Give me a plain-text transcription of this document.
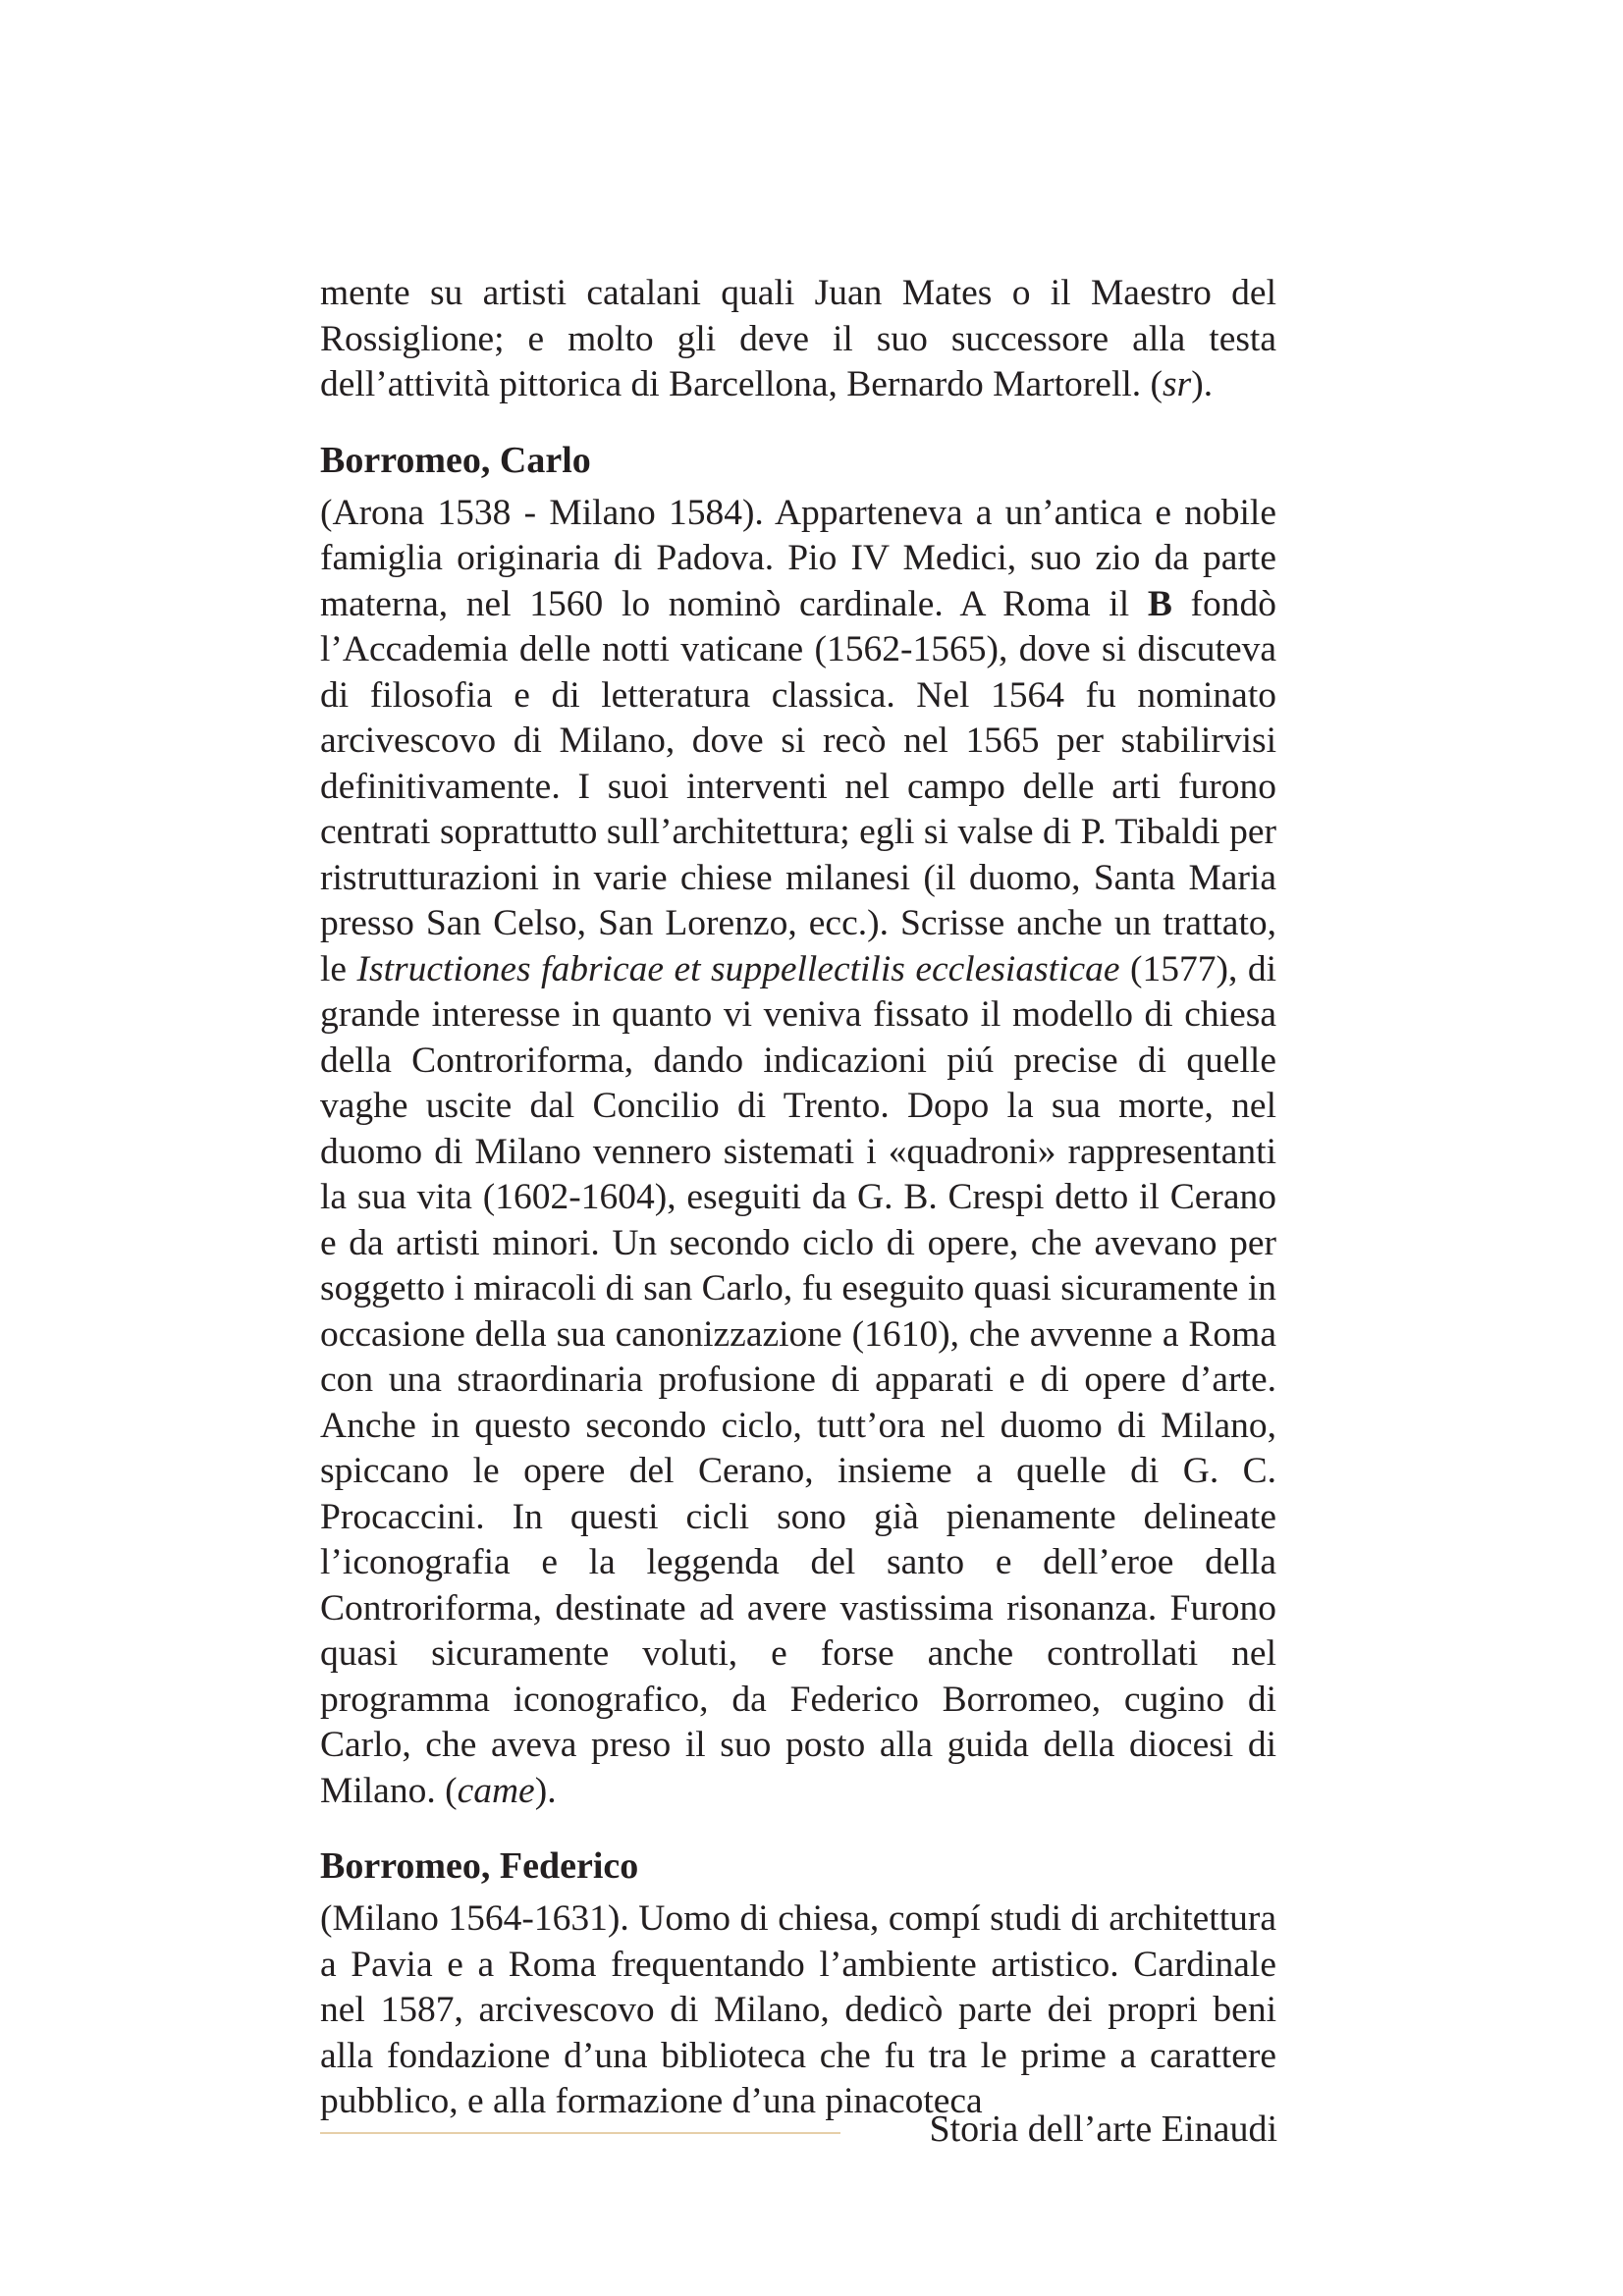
mente su artisti catalani quali Juan Mates o il Maestro del Rossiglione; e molto gli deve il suo successore alla testa dell’attività pittorica di Barcellona, Bernardo Martorell. (sr).

Borromeo, Carlo

(Arona 1538 - Milano 1584). Apparteneva a un’antica e nobile famiglia originaria di Padova. Pio IV Medici, suo zio da parte materna, nel 1560 lo nominò cardinale. A Roma il B fondò l’Accademia delle notti vaticane (1562-1565), dove si discuteva di filosofia e di letteratura classica. Nel 1564 fu nominato arcivescovo di Milano, dove si recò nel 1565 per stabilirvisi definitivamente. I suoi interventi nel campo delle arti furono centrati soprattutto sull’architettura; egli si valse di P. Tibaldi per ristrutturazioni in varie chiese milanesi (il duomo, Santa Maria presso San Celso, San Lorenzo, ecc.). Scrisse anche un trattato, le Istructiones fabricae et suppellectilis ecclesiasticae (1577), di grande interesse in quanto vi veniva fissato il modello di chiesa della Controriforma, dando indicazioni piú precise di quelle vaghe uscite dal Concilio di Trento. Dopo la sua morte, nel duomo di Milano vennero sistemati i «quadroni» rappresentanti la sua vita (1602-1604), eseguiti da G. B. Crespi detto il Cerano e da artisti minori. Un secondo ciclo di opere, che avevano per soggetto i miracoli di san Carlo, fu eseguito quasi sicuramente in occasione della sua canonizzazione (1610), che avvenne a Roma con una straordinaria profusione di apparati e di opere d’arte. Anche in questo secondo ciclo, tutt’ora nel duomo di Milano, spiccano le opere del Cerano, insieme a quelle di G. C. Procaccini. In questi cicli sono già pienamente delineate l’iconografia e la leggenda del santo e dell’eroe della Controriforma, destinate ad avere vastissima risonanza. Furono quasi sicuramente voluti, e forse anche controllati nel programma iconografico, da Federico Borromeo, cugino di Carlo, che aveva preso il suo posto alla guida della diocesi di Milano. (came).

Borromeo, Federico

(Milano 1564-1631). Uomo di chiesa, compí studi di architettura a Pavia e a Roma frequentando l’ambiente artistico. Cardinale nel 1587, arcivescovo di Milano, dedicò parte dei propri beni alla fondazione d’una biblioteca che fu tra le prime a carattere pubblico, e alla formazione d’una pinacoteca

Storia dell’arte Einaudi
